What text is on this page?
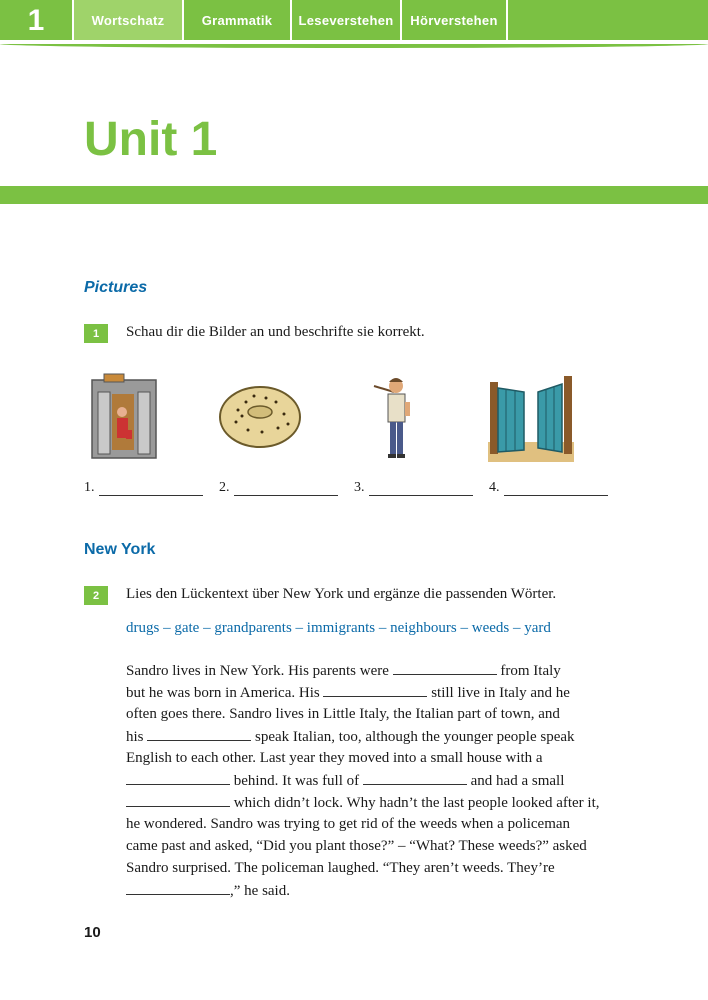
1	Wortschatz	Grammatik	Leseverstehen	Hörverstehen
Unit 1
Pictures
1	Schau dir die Bilder an und beschrifte sie korrekt.

1.	2.	3.	4.
New York
2	Lies den Lückentext über New York und ergänze die passenden Wörter.

drugs – gate – grandparents – immigrants – neighbours – weeds – yard

Sandro lives in New York. His parents were	from Italy
but he was born in America. His	still live in Italy and he
often goes there. Sandro lives in Little Italy, the Italian part of town, and
his	speak Italian, too, although the younger people speak
English to each other. Last year they moved into a small house with a
behind. It was full of	and had a small
which didn’t lock. Why hadn’t the last people looked after it,
he wondered. Sandro was trying to get rid of the weeds when a policeman
came past and asked, “Did you plant those?” – “What? These weeds?” asked
Sandro surprised. The policeman laughed. “They aren’t weeds. They’re
,” he said.

10
